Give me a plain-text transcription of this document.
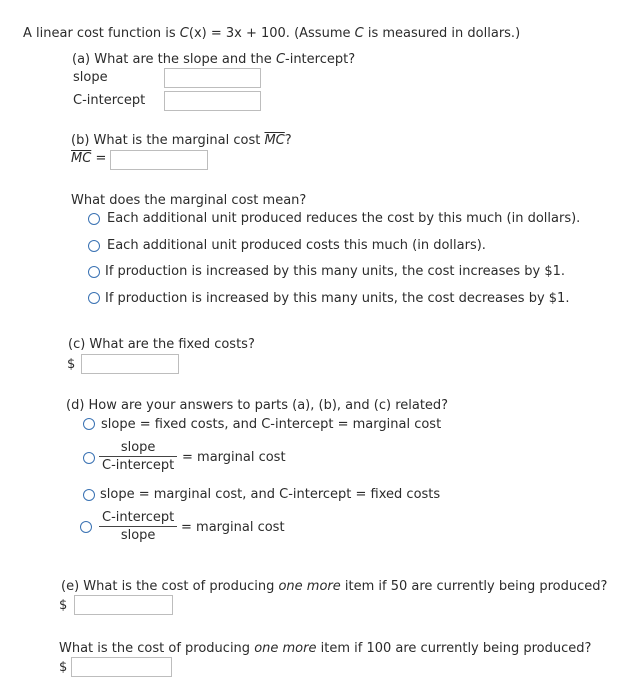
A linear cost function is C(x) = 3x + 100. (Assume C is measured in dollars.)
(a) What are the slope and the C-intercept?
slope
C-intercept
(b) What is the marginal cost $\overline{MC}$?
$\overline{MC}$ =
What does the marginal cost mean?
Each additional unit produced reduces the cost by this much (in dollars).
Each additional unit produced costs this much (in dollars).
If production is increased by this many units, the cost increases by $1.
If production is increased by this many units, the cost decreases by $1.
(c) What are the fixed costs?
$
(d) How are your answers to parts (a), (b), and (c) related?
slope = fixed costs, and C-intercept = marginal cost
slope
C-intercept
= marginal cost
slope = marginal cost, and C-intercept = fixed costs
C-intercept
slope
= marginal cost
(e) What is the cost of producing one more item if 50 are currently being produced?
$
What is the cost of producing one more item if 100 are currently being produced?
$
